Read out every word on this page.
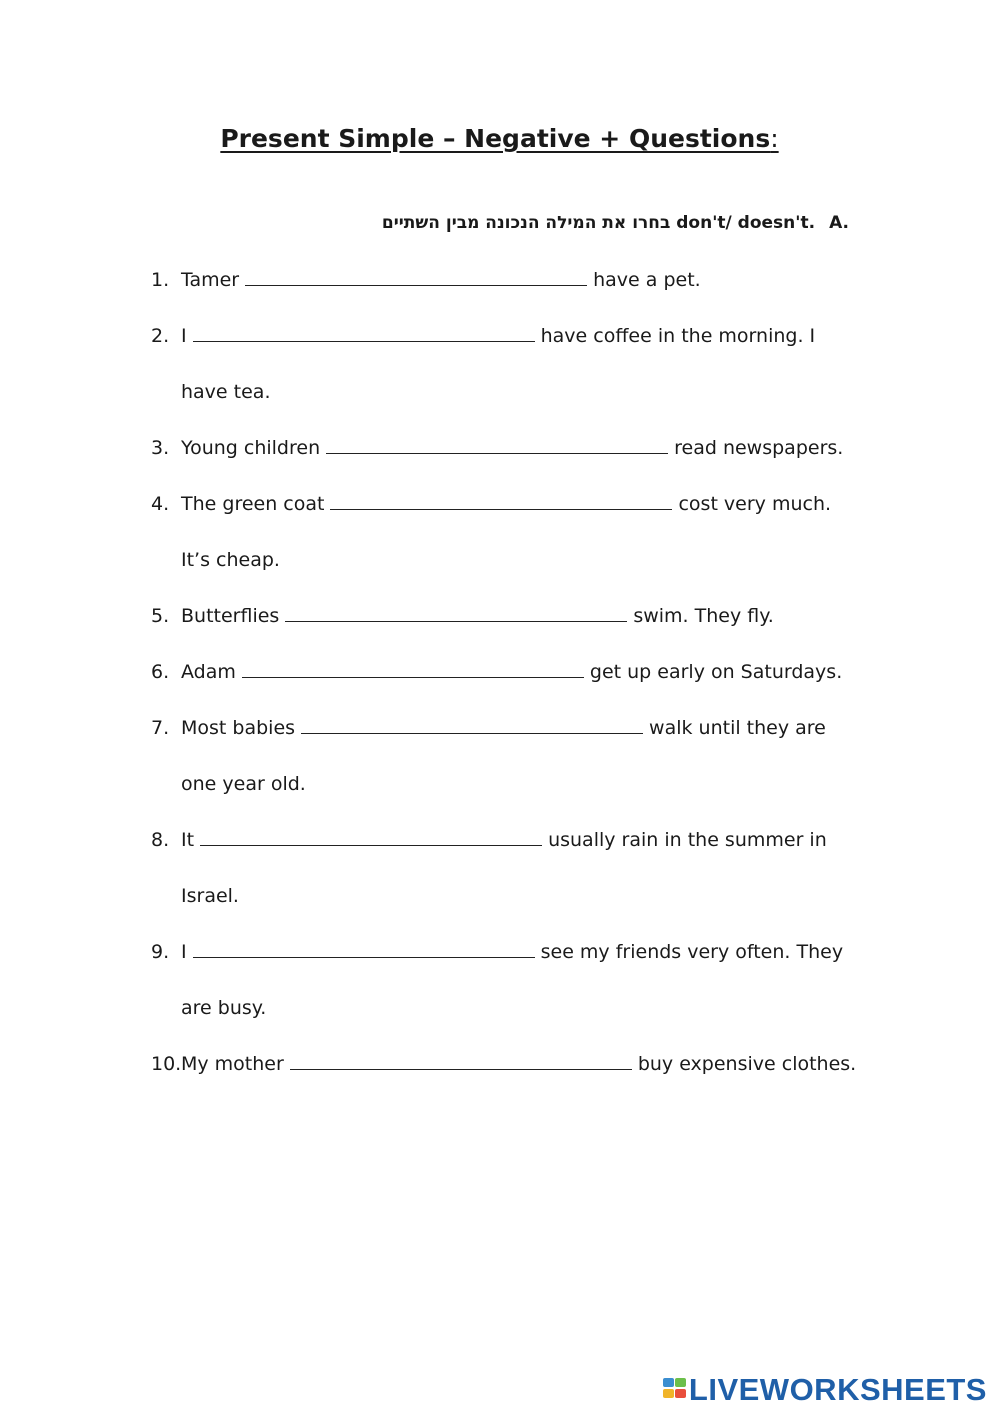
Present Simple – Negative + Questions:
.don't/ doesn't בחרו את המילה הנכונה מבין השתיים A.
1. Tamer	have a pet.
2. I	have coffee in the morning. I
have tea.
3. Young children	read newspapers.
4. The green coat	cost very much.
It’s cheap.
5. Butterflies	swim. They fly.
6. Adam	get up early on Saturdays.
7. Most babies	walk until they are
one year old.
8. It	usually rain in the summer in
Israel.
9. I	see my friends very often. They
are busy.
10. My mother	buy expensive clothes.
LIVEWORKSHEETS
